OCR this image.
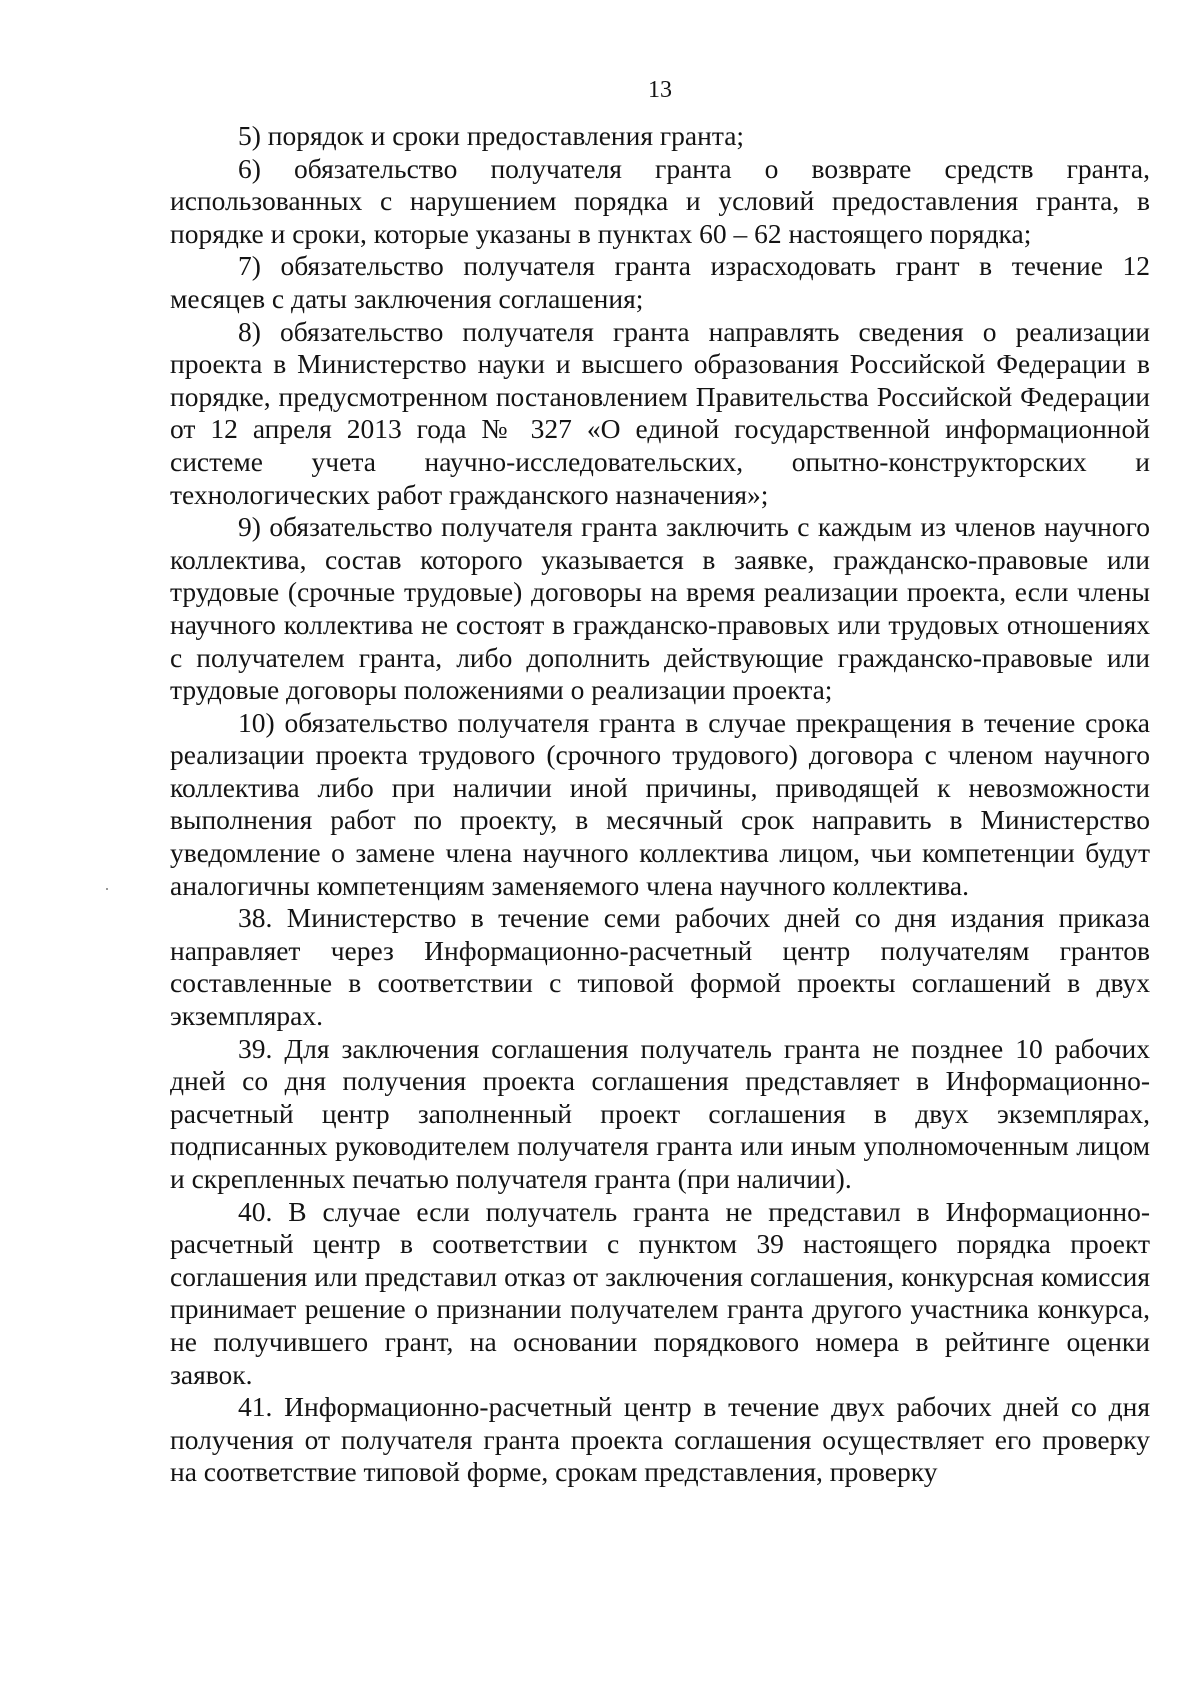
13

5) порядок и сроки предоставления гранта;

6) обязательство получателя гранта о возврате средств гранта, использованных с нарушением порядка и условий предоставления гранта, в порядке и сроки, которые указаны в пунктах 60 – 62 настоящего порядка;

7) обязательство получателя гранта израсходовать грант в течение 12 месяцев с даты заключения соглашения;

8) обязательство получателя гранта направлять сведения о реализации проекта в Министерство науки и высшего образования Российской Федерации в порядке, предусмотренном постановлением Правительства Российской Федерации от 12 апреля 2013 года № 327 «О единой государственной информационной системе учета научно-исследовательских, опытно-конструкторских и технологических работ гражданского назначения»;

9) обязательство получателя гранта заключить с каждым из членов научного коллектива, состав которого указывается в заявке, гражданско-правовые или трудовые (срочные трудовые) договоры на время реализации проекта, если члены научного коллектива не состоят в гражданско-правовых или трудовых отношениях с получателем гранта, либо дополнить действующие гражданско-правовые или трудовые договоры положениями о реализации проекта;

10) обязательство получателя гранта в случае прекращения в течение срока реализации проекта трудового (срочного трудового) договора с членом научного коллектива либо при наличии иной причины, приводящей к невозможности выполнения работ по проекту, в месячный срок направить в Министерство уведомление о замене члена научного коллектива лицом, чьи компетенции будут аналогичны компетенциям заменяемого члена научного коллектива.

38. Министерство в течение семи рабочих дней со дня издания приказа направляет через Информационно-расчетный центр получателям грантов составленные в соответствии с типовой формой проекты соглашений в двух экземплярах.

39. Для заключения соглашения получатель гранта не позднее 10 рабочих дней со дня получения проекта соглашения представляет в Информационно-расчетный центр заполненный проект соглашения в двух экземплярах, подписанных руководителем получателя гранта или иным уполномоченным лицом и скрепленных печатью получателя гранта (при наличии).

40. В случае если получатель гранта не представил в Информационно-расчетный центр в соответствии с пунктом 39 настоящего порядка проект соглашения или представил отказ от заключения соглашения, конкурсная комиссия принимает решение о признании получателем гранта другого участника конкурса, не получившего грант, на основании порядкового номера в рейтинге оценки заявок.

41. Информационно-расчетный центр в течение двух рабочих дней со дня получения от получателя гранта проекта соглашения осуществляет его проверку на соответствие типовой форме, срокам представления, проверку
